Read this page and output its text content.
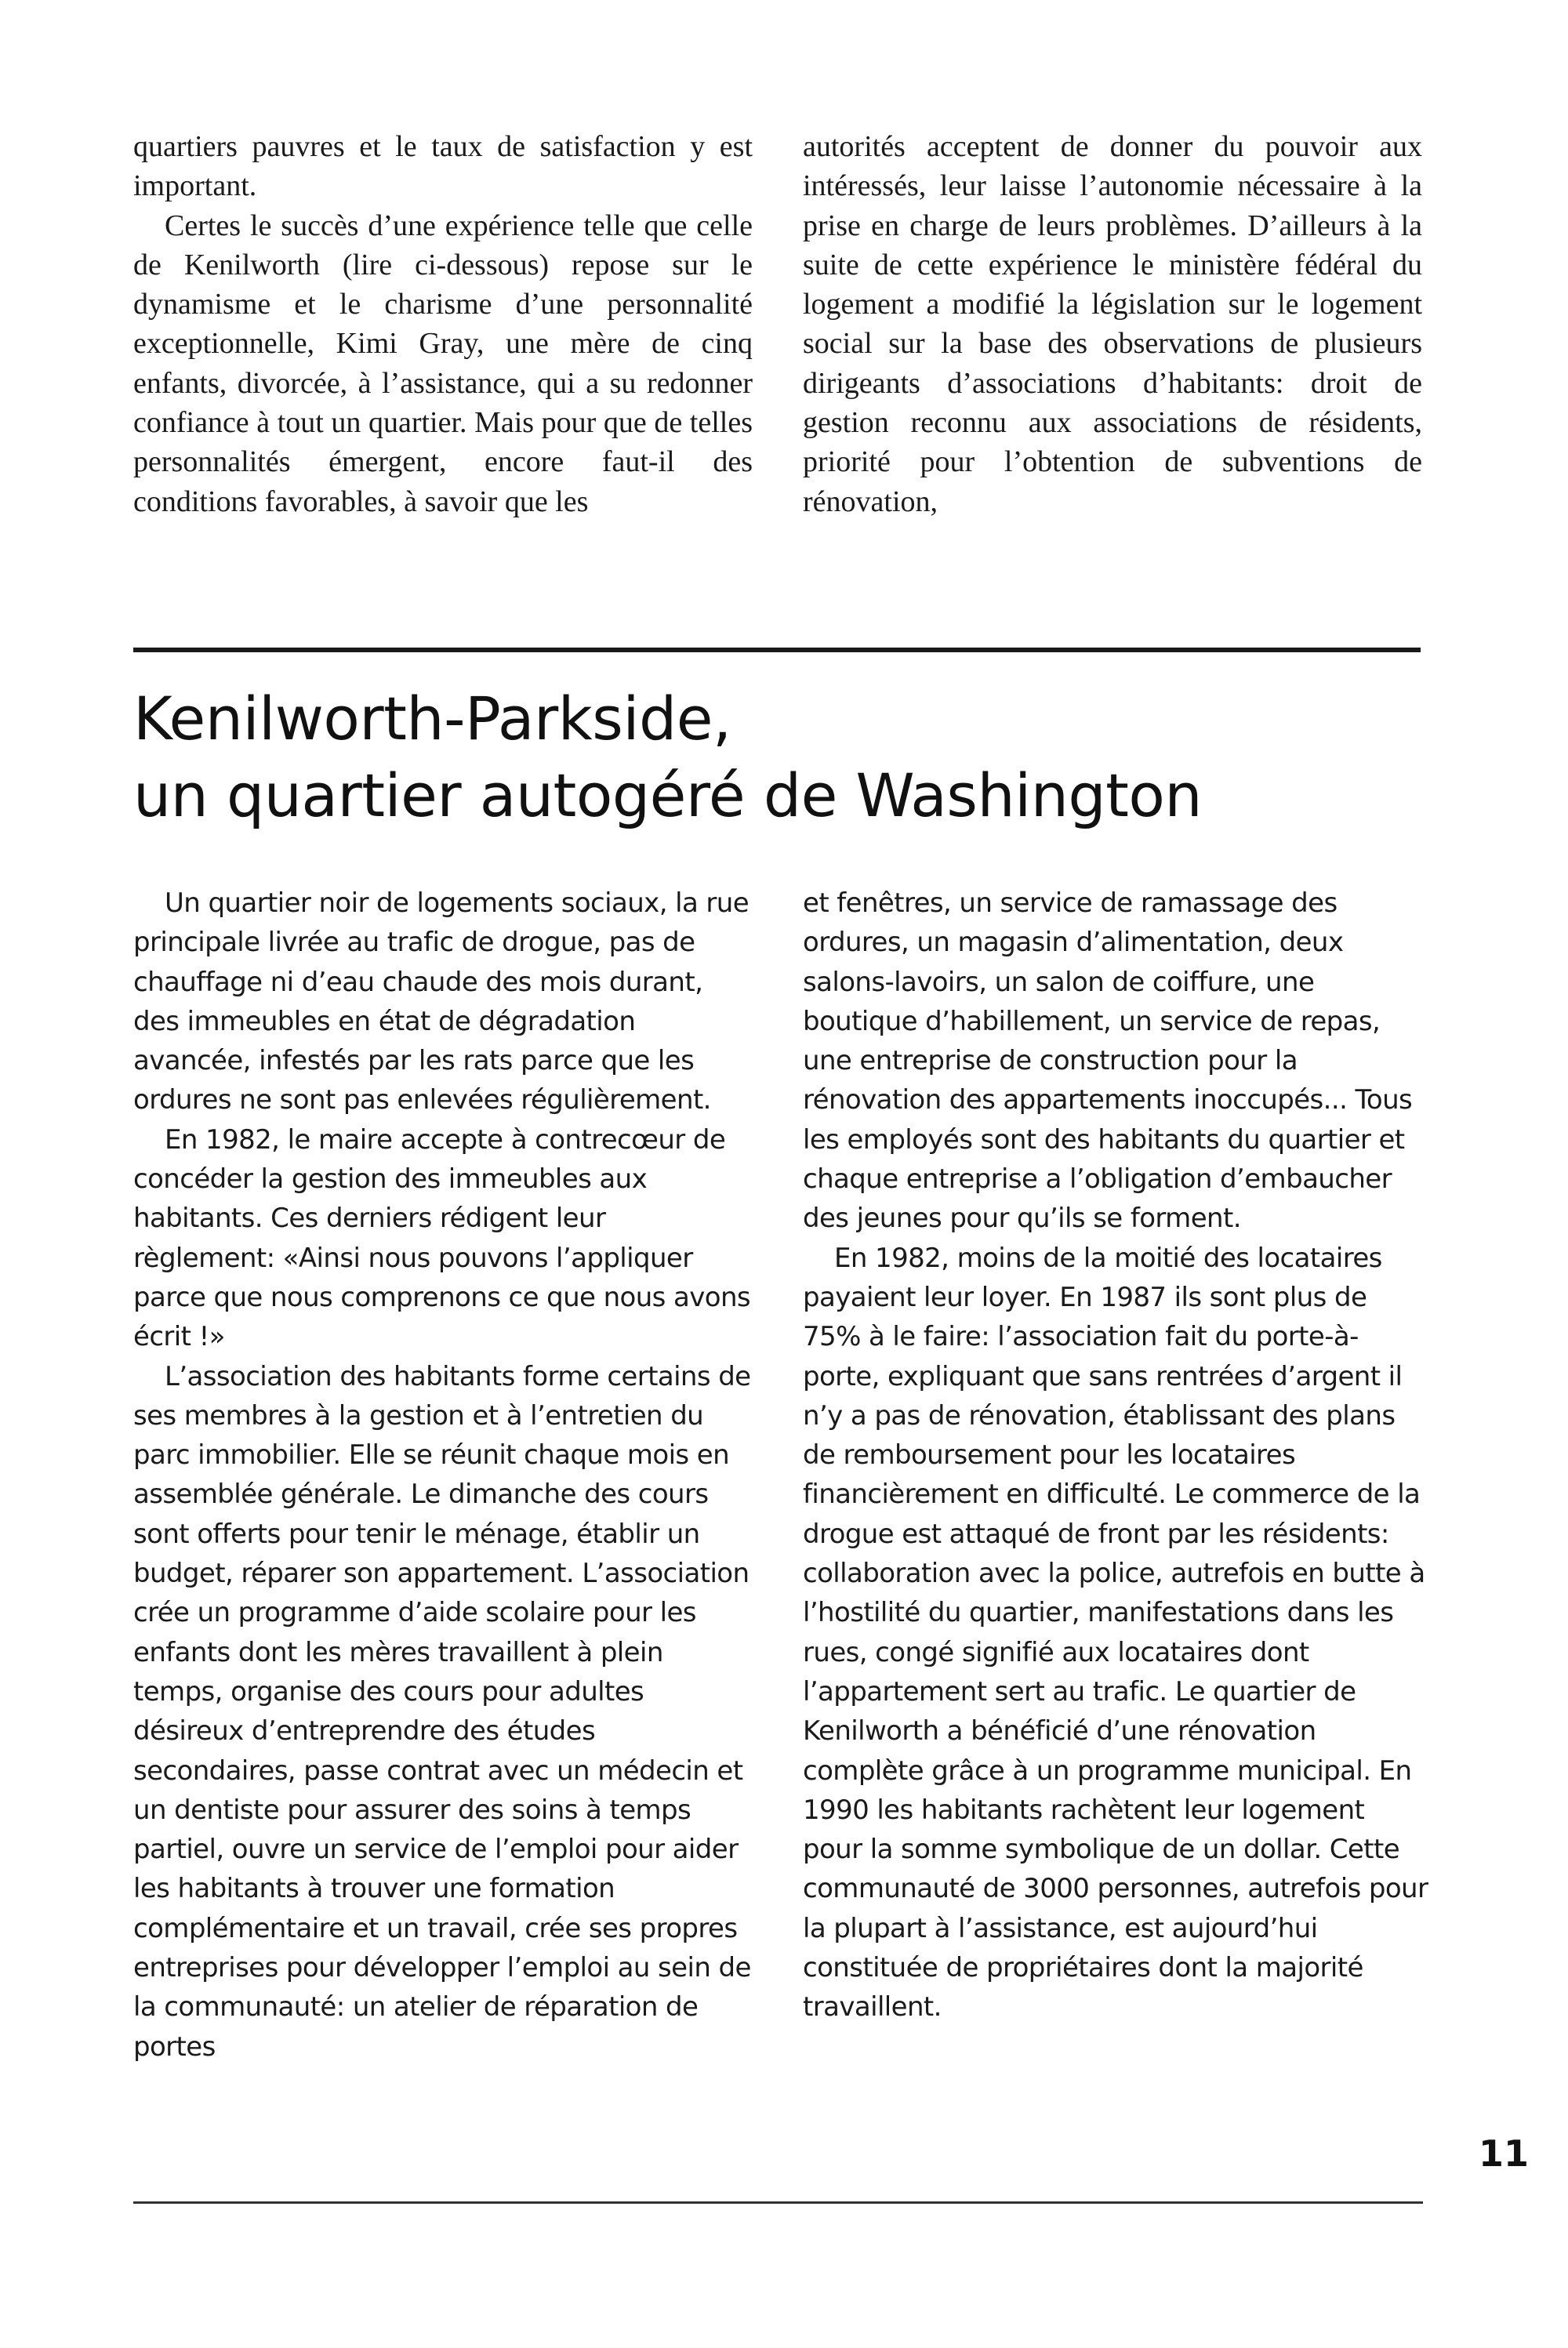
quartiers pauvres et le taux de satisfaction y est important.

Certes le succès d’une expérience telle que celle de Kenilworth (lire ci-dessous) repose sur le dynamisme et le charisme d’une personnalité exceptionnelle, Kimi Gray, une mère de cinq enfants, divorcée, à l’assistance, qui a su redonner confiance à tout un quartier. Mais pour que de telles personnalités émergent, encore faut-il des conditions favorables, à savoir que les

autorités acceptent de donner du pouvoir aux intéressés, leur laisse l’autonomie nécessaire à la prise en charge de leurs problèmes. D’ailleurs à la suite de cette expérience le ministère fédéral du logement a modifié la législation sur le logement social sur la base des observations de plusieurs dirigeants d’associations d’habitants: droit de gestion reconnu aux associations de résidents, priorité pour l’obtention de subventions de rénovation,

Kenilworth-Parkside,
un quartier autogéré de Washington

Un quartier noir de logements sociaux, la rue principale livrée au trafic de drogue, pas de chauffage ni d’eau chaude des mois durant, des immeubles en état de dégradation avancée, infestés par les rats parce que les ordures ne sont pas enlevées régulièrement.

En 1982, le maire accepte à contrecœur de concéder la gestion des immeubles aux habitants. Ces derniers rédigent leur règlement: «Ainsi nous pouvons l’appliquer parce que nous comprenons ce que nous avons écrit !»

L’association des habitants forme certains de ses membres à la gestion et à l’entretien du parc immobilier. Elle se réunit chaque mois en assemblée générale. Le dimanche des cours sont offerts pour tenir le ménage, établir un budget, réparer son appartement. L’association crée un programme d’aide scolaire pour les enfants dont les mères travaillent à plein temps, organise des cours pour adultes désireux d’entreprendre des études secondaires, passe contrat avec un médecin et un dentiste pour assurer des soins à temps partiel, ouvre un service de l’emploi pour aider les habitants à trouver une formation complémentaire et un travail, crée ses propres entreprises pour développer l’emploi au sein de la communauté: un atelier de réparation de portes

et fenêtres, un service de ramassage des ordures, un magasin d’alimentation, deux salons-lavoirs, un salon de coiffure, une boutique d’habillement, un service de repas, une entreprise de construction pour la rénovation des appartements inoccupés... Tous les employés sont des habitants du quartier et chaque entreprise a l’obligation d’embaucher des jeunes pour qu’ils se forment.

En 1982, moins de la moitié des locataires payaient leur loyer. En 1987 ils sont plus de 75% à le faire: l’association fait du porte-à-porte, expliquant que sans rentrées d’argent il n’y a pas de rénovation, établissant des plans de remboursement pour les locataires financièrement en difficulté. Le commerce de la drogue est attaqué de front par les résidents: collaboration avec la police, autrefois en butte à l’hostilité du quartier, manifestations dans les rues, congé signifié aux locataires dont l’appartement sert au trafic. Le quartier de Kenilworth a bénéficié d’une rénovation complète grâce à un programme municipal. En 1990 les habitants rachètent leur logement pour la somme symbolique de un dollar. Cette communauté de 3000 personnes, autrefois pour la plupart à l’assistance, est aujourd’hui constituée de propriétaires dont la majorité travaillent.

11
